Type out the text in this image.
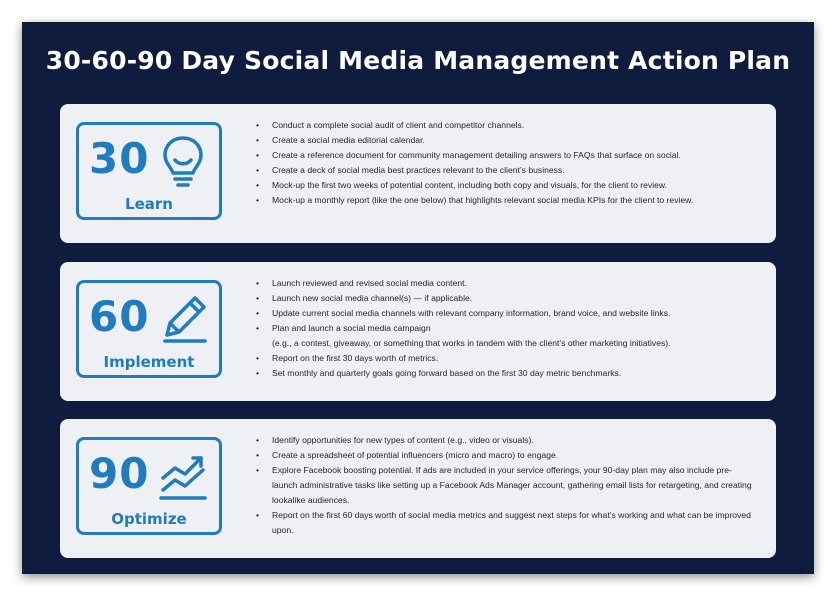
30-60-90 Day Social Media Management Action Plan
30
Learn
• Conduct a complete social audit of client and competitor channels.
• Create a social media editorial calendar.
• Create a reference document for community management detailing answers to FAQs that surface on social.
• Create a deck of social media best practices relevant to the client’s business.
• Mock-up the first two weeks of potential content, including both copy and visuals, for the client to review.
• Mock-up a monthly report (like the one below) that highlights relevant social media KPIs for the client to review.
60
Implement
• Launch reviewed and revised social media content.
• Launch new social media channel(s) — if applicable.
• Update current social media channels with relevant company information, brand voice, and website links.
• Plan and launch a social media campaign
(e.g., a contest, giveaway, or something that works in tandem with the client’s other marketing initiatives).
• Report on the first 30 days worth of metrics.
• Set monthly and quarterly goals going forward based on the first 30 day metric benchmarks.
90
Optimize
• Identify opportunities for new types of content (e.g., video or visuals).
• Create a spreadsheet of potential influencers (micro and macro) to engage.
• Explore Facebook boosting potential. If ads are included in your service offerings, your 90-day plan may also include pre-launch administrative tasks like setting up a Facebook Ads Manager account, gathering email lists for retargeting, and creating lookalike audiences.
• Report on the first 60 days worth of social media metrics and suggest next steps for what’s working and what can be improved upon.
